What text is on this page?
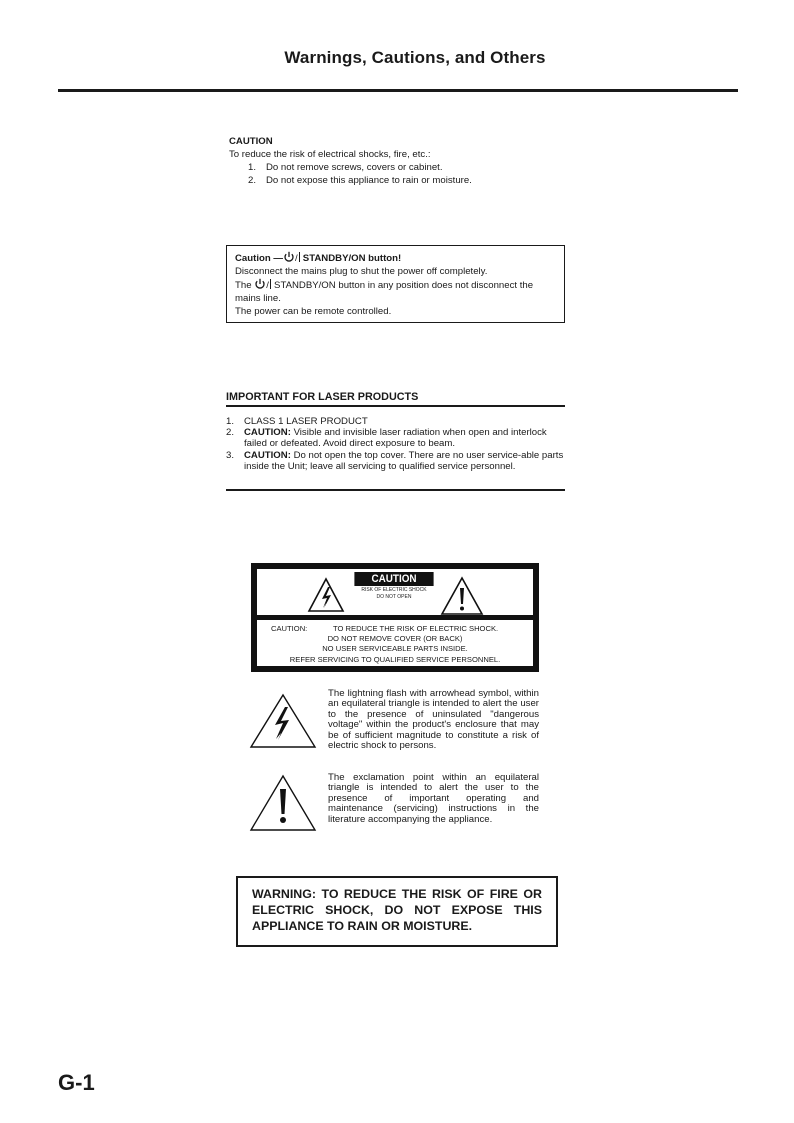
Warnings, Cautions, and Others
CAUTION
To reduce the risk of electrical shocks, fire, etc.:
1. Do not remove screws, covers or cabinet.
2. Do not expose this appliance to rain or moisture.
Caution — / STANDBY/ON button!
Disconnect the mains plug to shut the power off completely.
The / STANDBY/ON button in any position does not disconnect the mains line.
The power can be remote controlled.
IMPORTANT FOR LASER PRODUCTS
1.	CLASS 1 LASER PRODUCT
2.	CAUTION: Visible and invisible laser radiation when open and interlock failed or defeated. Avoid direct exposure to beam.
3.	CAUTION: Do not open the top cover. There are no user service-able parts inside the Unit; leave all servicing to qualified service personnel.
CAUTION
RISK OF ELECTRIC SHOCK
DO NOT OPEN
CAUTION:	TO REDUCE THE RISK OF ELECTRIC SHOCK.
DO NOT REMOVE COVER (OR BACK)
NO USER SERVICEABLE PARTS INSIDE.
REFER SERVICING TO QUALIFIED SERVICE PERSONNEL.
The lightning flash with arrowhead symbol, within an equilateral triangle is intended to alert the user to the presence of uninsulated "dangerous voltage" within the product's enclosure that may be of sufficient magnitude to constitute a risk of electric shock to persons.
The exclamation point within an equilateral triangle is intended to alert the user to the presence of important operating and maintenance (servicing) instructions in the literature accompanying the appliance.
WARNING: TO REDUCE THE RISK OF FIRE OR ELECTRIC SHOCK, DO NOT EXPOSE THIS APPLIANCE TO RAIN OR MOISTURE.
G-1
